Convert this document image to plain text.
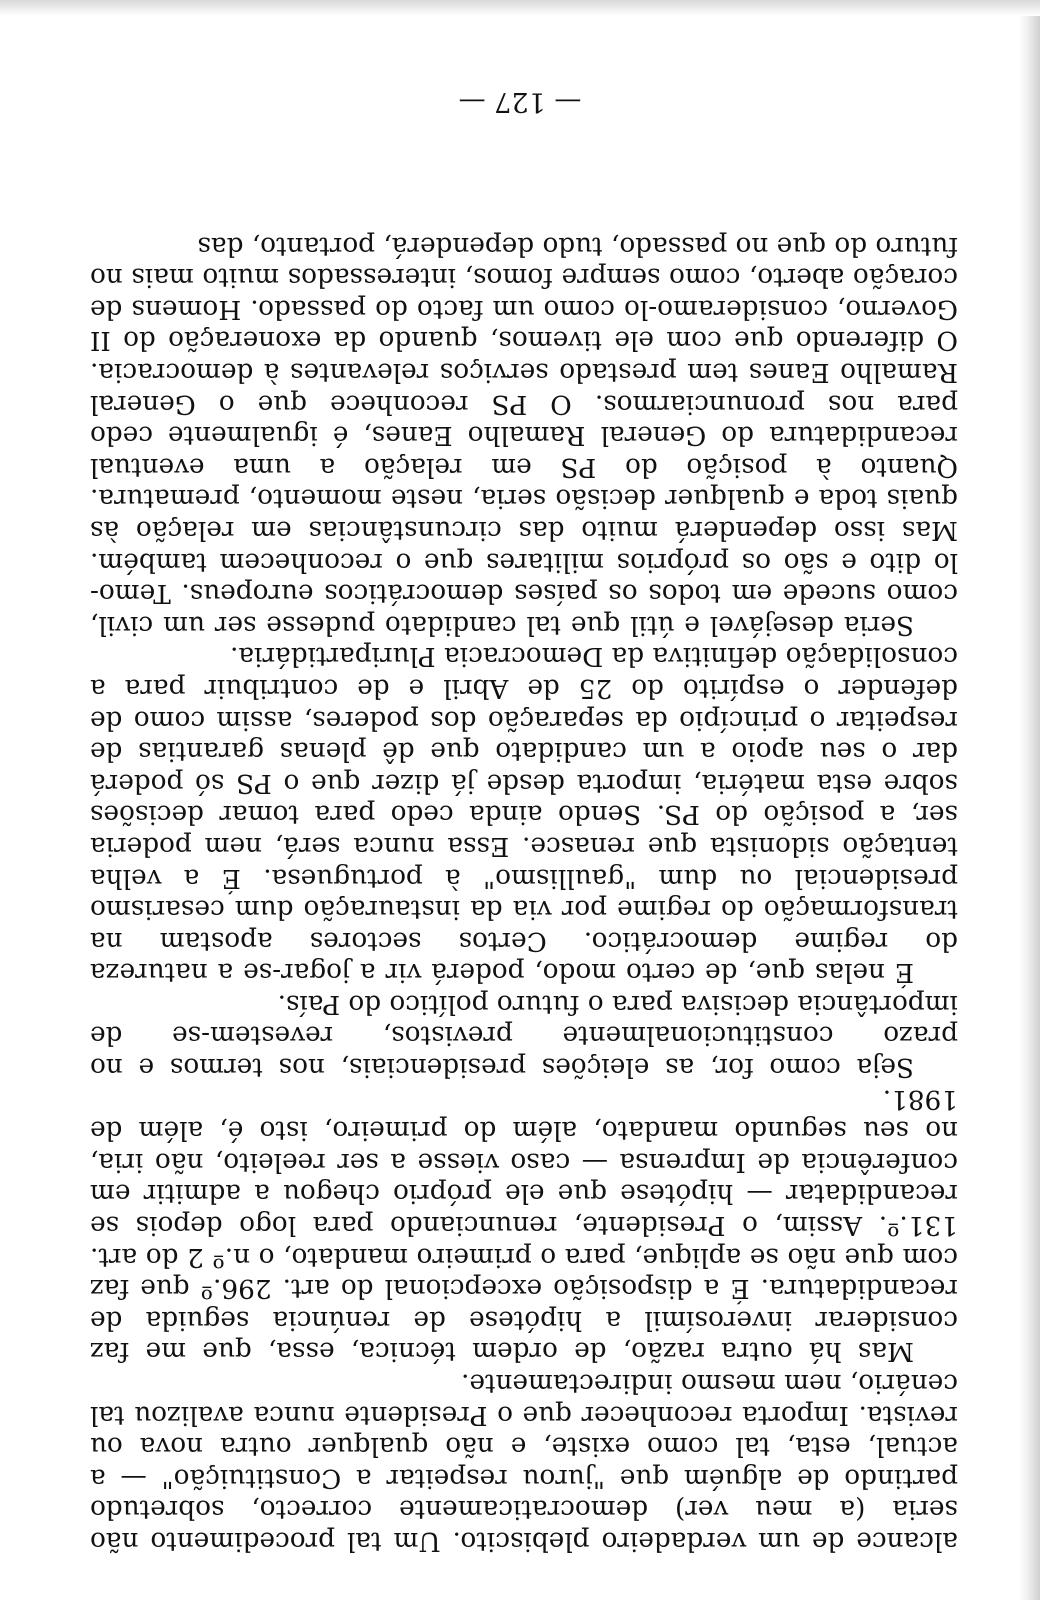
alcance de um verdadeiro plebiscito. Um tal procedimento não seria (a meu ver) democraticamente correcto, sobretudo partindo de alguém que "jurou respeitar a Constituição" — a actual, esta, tal como existe, e não qualquer outra nova ou revista. Importa reconhecer que o Presidente nunca avalizou tal cenário, nem mesmo indirectamente.

Mas há outra razão, de ordem técnica, essa, que me faz considerar inverosímil a hipótese de renúncia seguida de recandidatura. É a disposição excepcional do art. 296.º que faz com que não se aplique, para o primeiro mandato, o n.º 2 do art. 131.º. Assim, o Presidente, renunciando para logo depois se recandidatar — hipótese que ele próprio chegou a admitir em conferência de Imprensa — caso viesse a ser reeleito, não iria, no seu segundo mandato, além do primeiro, isto é, além de 1981.

Seja como for, as eleições presidenciais, nos termos e no prazo constitucionalmente previstos, revestem-se de importância decisiva para o futuro político do País.

É nelas que, de certo modo, poderá vir a jogar-se a natureza do regime democrático. Certos sectores apostam na transformação do regime por via da instauração dum cesarismo presidencial ou dum "gaullismo" à portuguesa. É a velha tentação sidonista que renasce. Essa nunca será, nem poderia ser, a posição do PS. Sendo ainda cedo para tomar decisões sobre esta matéria, importa desde já dizer que o PS só poderá dar o seu apoio a um candidato que dê plenas garantias de respeitar o princípio da separação dos poderes, assim como de defender o espírito do 25 de Abril e de contribuir para a consolidação definitiva da Democracia Pluripartidária.

Seria desejável e útil que tal candidato pudesse ser um civil, como sucede em todos os países democráticos europeus. Temo-lo dito e são os próprios militares que o reconhecem também. Mas isso dependerá muito das circunstâncias em relação às quais toda e qualquer decisão seria, neste momento, prematura. Quanto à posição do PS em relação a uma eventual recandidatura do General Ramalho Eanes, é igualmente cedo para nos pronunciarmos. O PS reconhece que o General Ramalho Eanes tem prestado serviços relevantes à democracia. O diferendo que com ele tivemos, quando da exoneração do II Governo, consideramo-lo como um facto do passado. Homens de coração aberto, como sempre fomos, interessados muito mais no futuro do que no passado, tudo dependerá, portanto, das

— 127 —
